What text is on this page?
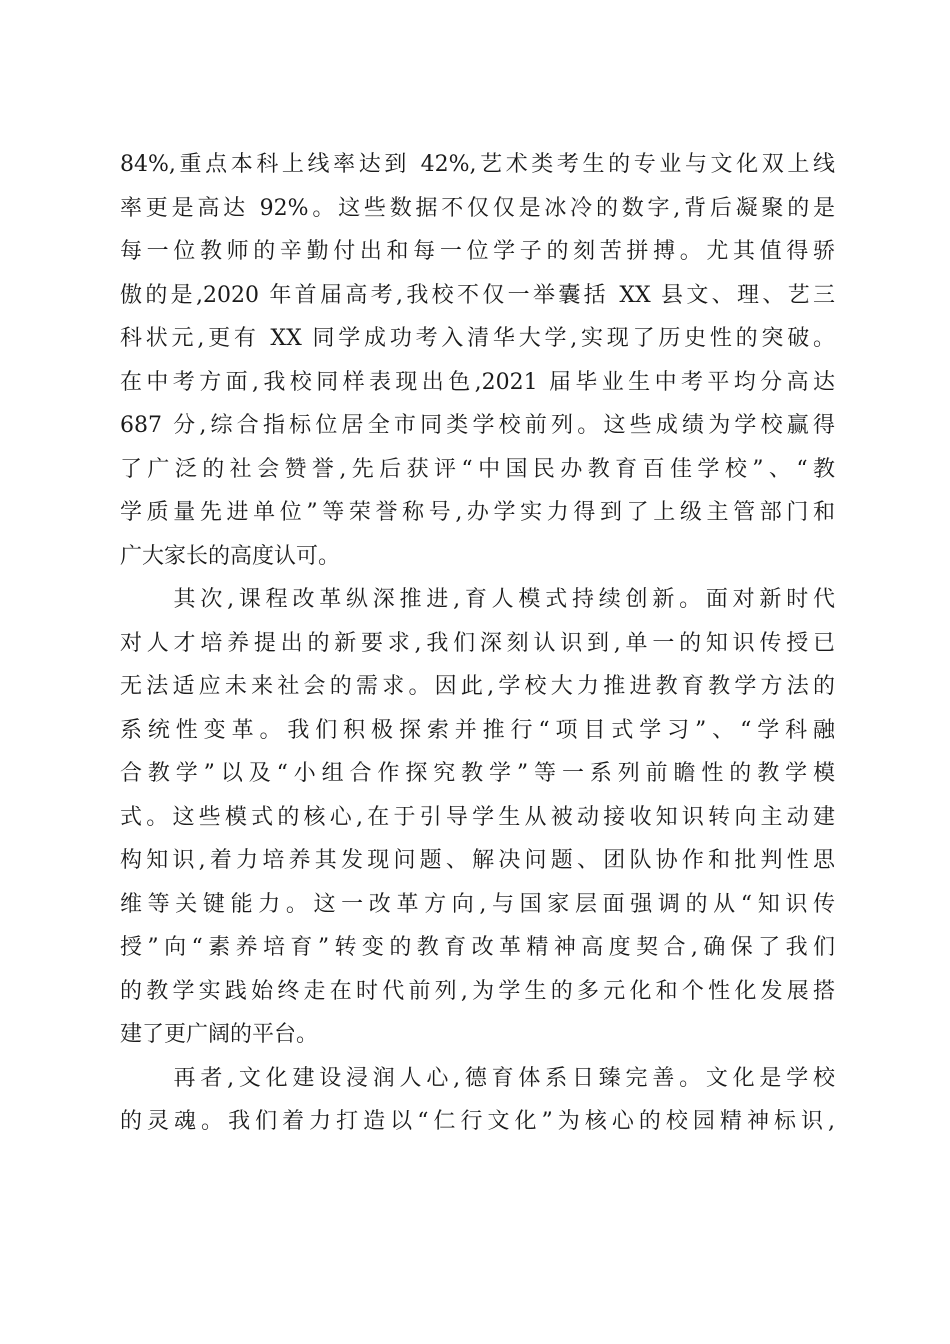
84%,重点本科上线率达到 42%,艺术类考生的专业与文化双上线
率更是高达 92%。这些数据不仅仅是冰冷的数字,背后凝聚的是
每一位教师的辛勤付出和每一位学子的刻苦拼搏。尤其值得骄
傲的是,2020 年首届高考,我校不仅一举囊括 XX 县文、理、艺三
科状元,更有 XX 同学成功考入清华大学,实现了历史性的突破。
在中考方面,我校同样表现出色,2021 届毕业生中考平均分高达
687 分,综合指标位居全市同类学校前列。这些成绩为学校赢得
了广泛的社会赞誉,先后获评“中国民办教育百佳学校”、“教
学质量先进单位”等荣誉称号,办学实力得到了上级主管部门和
广大家长的高度认可。
　　其次,课程改革纵深推进,育人模式持续创新。面对新时代
对人才培养提出的新要求,我们深刻认识到,单一的知识传授已
无法适应未来社会的需求。因此,学校大力推进教育教学方法的
系统性变革。我们积极探索并推行“项目式学习”、“学科融
合教学”以及“小组合作探究教学”等一系列前瞻性的教学模
式。这些模式的核心,在于引导学生从被动接收知识转向主动建
构知识,着力培养其发现问题、解决问题、团队协作和批判性思
维等关键能力。这一改革方向,与国家层面强调的从“知识传
授”向“素养培育”转变的教育改革精神高度契合,确保了我们
的教学实践始终走在时代前列,为学生的多元化和个性化发展搭
建了更广阔的平台。
　　再者,文化建设浸润人心,德育体系日臻完善。文化是学校
的灵魂。我们着力打造以“仁行文化”为核心的校园精神标识,
